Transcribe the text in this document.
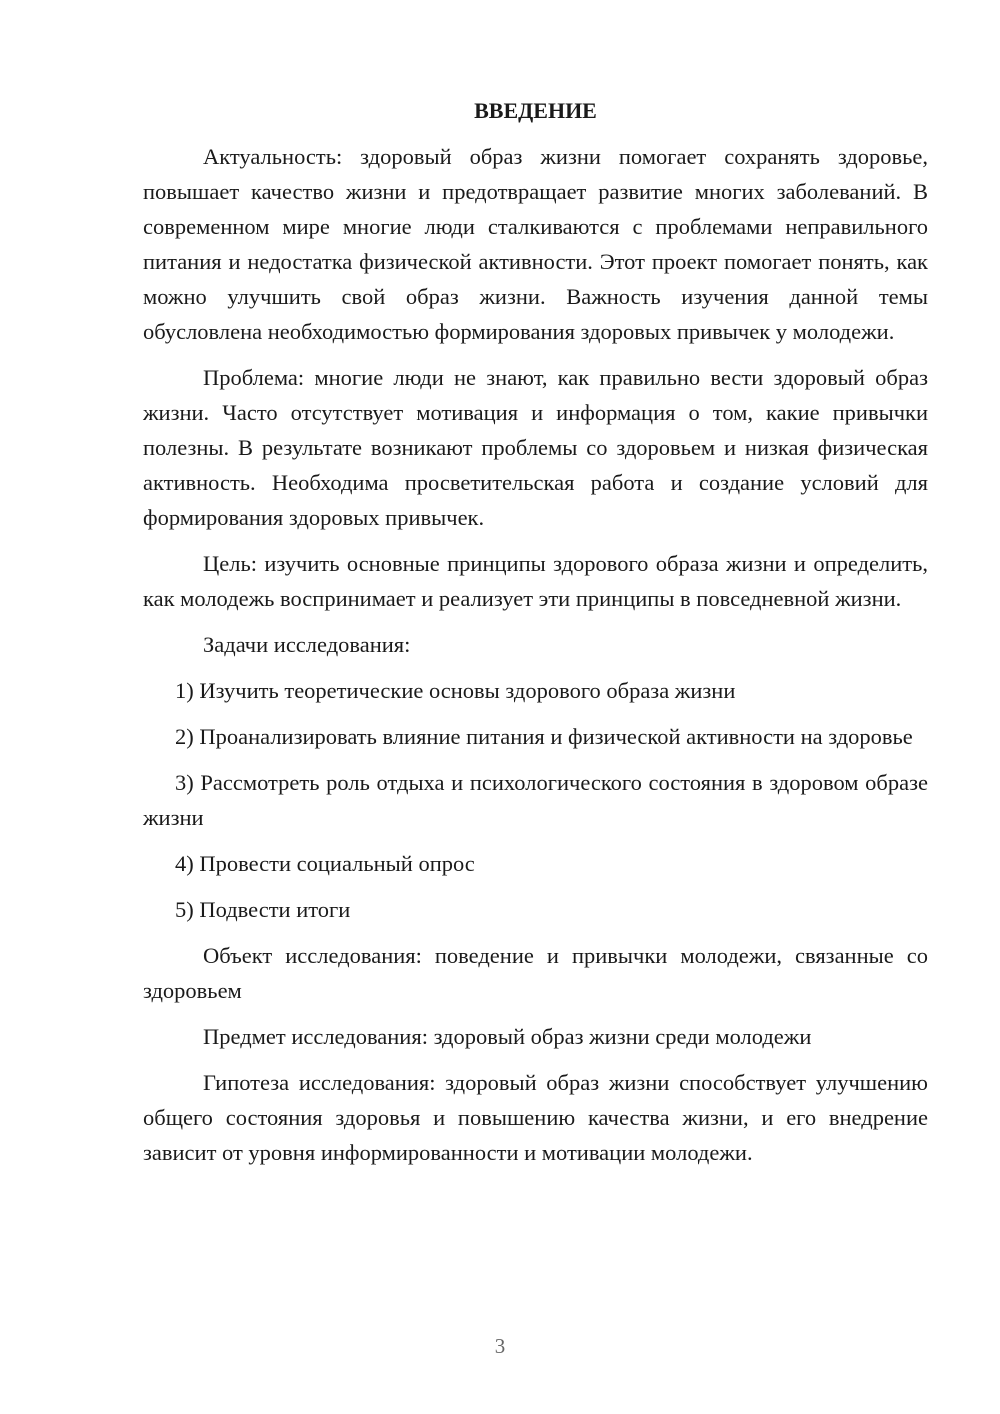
ВВЕДЕНИЕ

Актуальность: здоровый образ жизни помогает сохранять здоровье, повышает качество жизни и предотвращает развитие многих заболеваний. В современном мире многие люди сталкиваются с проблемами неправильного питания и недостатка физической активности. Этот проект помогает понять, как можно улучшить свой образ жизни. Важность изучения данной темы обусловлена необходимостью формирования здоровых привычек у молодежи.

Проблема: многие люди не знают, как правильно вести здоровый образ жизни. Часто отсутствует мотивация и информация о том, какие привычки полезны. В результате возникают проблемы со здоровьем и низкая физическая активность. Необходима просветительская работа и создание условий для формирования здоровых привычек.

Цель: изучить основные принципы здорового образа жизни и определить, как молодежь воспринимает и реализует эти принципы в повседневной жизни.

Задачи исследования:

1) Изучить теоретические основы здорового образа жизни

2) Проанализировать влияние питания и физической активности на здоровье

3) Рассмотреть роль отдыха и психологического состояния в здоровом образе жизни

4) Провести социальный опрос

5) Подвести итоги

Объект исследования: поведение и привычки молодежи, связанные со здоровьем

Предмет исследования: здоровый образ жизни среди молодежи

Гипотеза исследования: здоровый образ жизни способствует улучшению общего состояния здоровья и повышению качества жизни, и его внедрение зависит от уровня информированности и мотивации молодежи.

3
